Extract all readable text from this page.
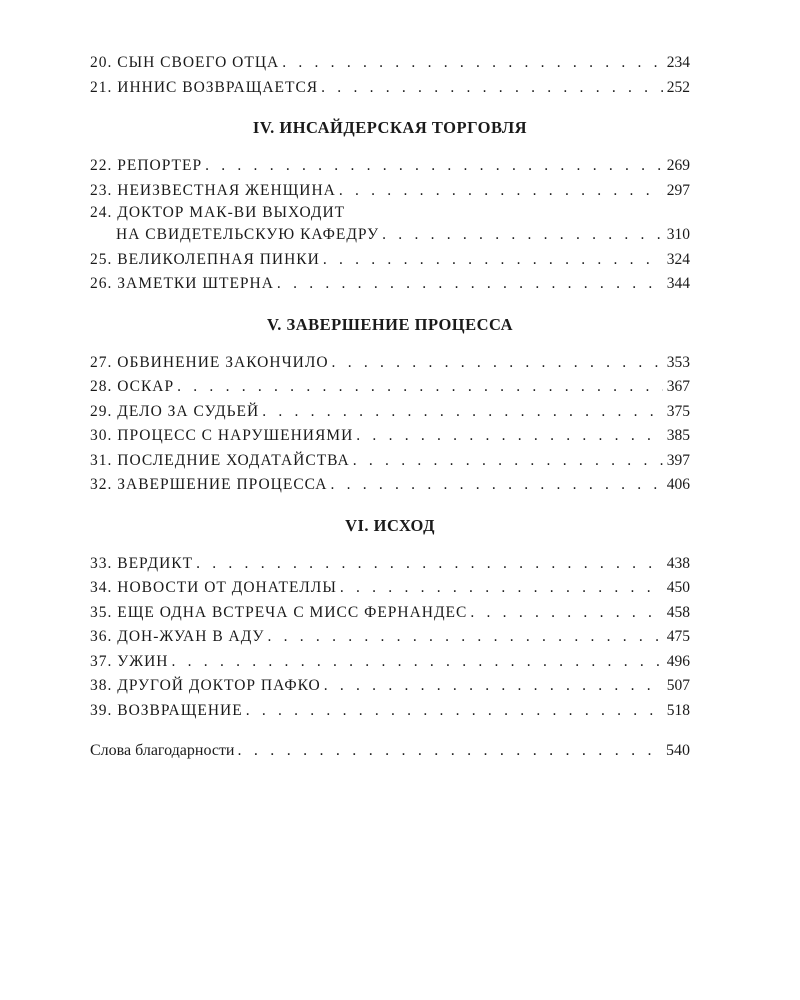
20. СЫН СВОЕГО ОТЦА . . .	234
21. ИННИС ВОЗВРАЩАЕТСЯ . . .	252
IV. ИНСАЙДЕРСКАЯ ТОРГОВЛЯ
22. РЕПОРТЕР . . .	269
23. НЕИЗВЕСТНАЯ ЖЕНЩИНА . . .	297
24. ДОКТОР МАК-ВИ ВЫХОДИТ
НА СВИДЕТЕЛЬСКУЮ КАФЕДРУ . . .	310
25. ВЕЛИКОЛЕПНАЯ ПИНКИ . . .	324
26. ЗАМЕТКИ ШТЕРНА . . .	344
V. ЗАВЕРШЕНИЕ ПРОЦЕССА
27. ОБВИНЕНИЕ ЗАКОНЧИЛО . . .	353
28. ОСКАР . . .	367
29. ДЕЛО ЗА СУДЬЕЙ . . .	375
30. ПРОЦЕСС С НАРУШЕНИЯМИ . . .	385
31. ПОСЛЕДНИЕ ХОДАТАЙСТВА . . .	397
32. ЗАВЕРШЕНИЕ ПРОЦЕССА . . .	406
VI. ИСХОД
33. ВЕРДИКТ . . .	438
34. НОВОСТИ ОТ ДОНАТЕЛЛЫ . . .	450
35. ЕЩЕ ОДНА ВСТРЕЧА С МИСС ФЕРНАНДЕС . . .	458
36. ДОН-ЖУАН В АДУ . . .	475
37. УЖИН . . .	496
38. ДРУГОЙ ДОКТОР ПАФКО . . .	507
39. ВОЗВРАЩЕНИЕ . . .	518
Слова благодарности . . .	540
